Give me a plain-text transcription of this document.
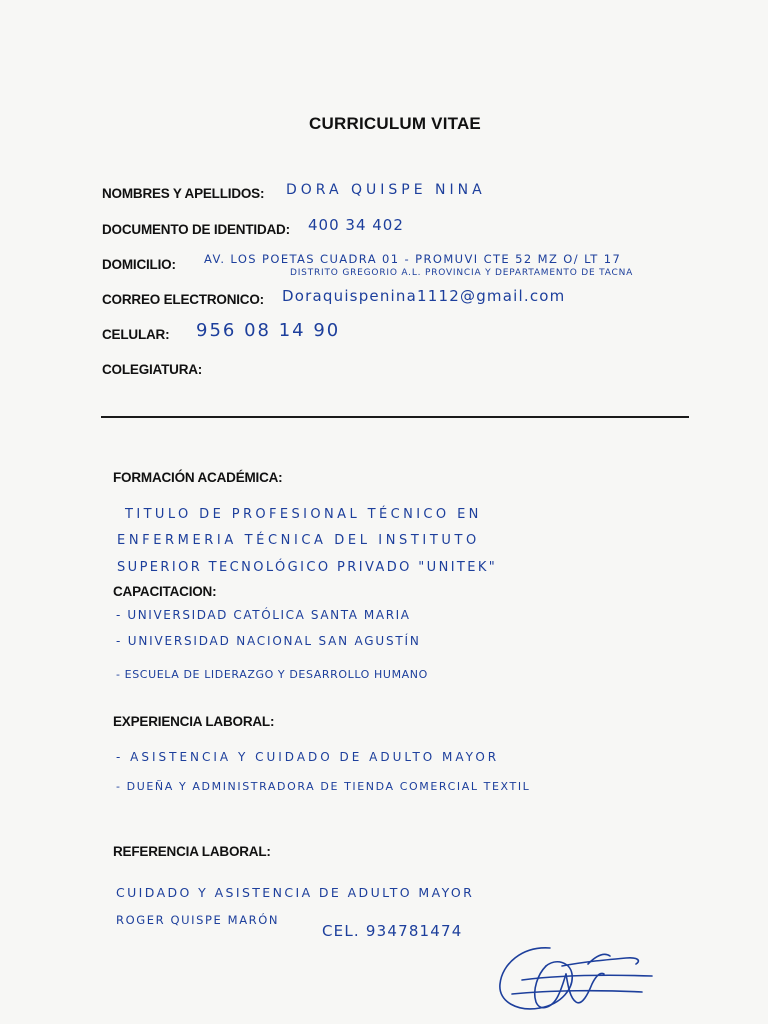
CURRICULUM VITAE
NOMBRES Y APELLIDOS: DORA QUISPE NINA
DOCUMENTO DE IDENTIDAD: 400 34 402
DOMICILIO: AV. LOS POETAS CUADRA 01 - PROMUVI CTE 52 MZ O/ LT 17
DISTRITO GREGORIO A.L. PROVINCIA Y DEPARTAMENTO DE TACNA
CORREO ELECTRONICO: Doraquispenina1112@gmail.com
CELULAR: 956 08 14 90
COLEGIATURA:
FORMACIÓN ACADÉMICA:
TITULO DE PROFESIONAL TÉCNICO EN
ENFERMERIA TÉCNICA DEL INSTITUTO
SUPERIOR TECNOLÓGICO PRIVADO "UNITEK"
CAPACITACION:
- UNIVERSIDAD CATÓLICA SANTA MARIA
- UNIVERSIDAD NACIONAL SAN AGUSTÍN
- ESCUELA DE LIDERAZGO Y DESARROLLO HUMANO
EXPERIENCIA LABORAL:
- ASISTENCIA Y CUIDADO DE ADULTO MAYOR
- DUEÑA Y ADMINISTRADORA DE TIENDA COMERCIAL TEXTIL
REFERENCIA LABORAL:
CUIDADO Y ASISTENCIA DE ADULTO MAYOR
ROGER QUISPE MARÓN
CEL. 934781474
